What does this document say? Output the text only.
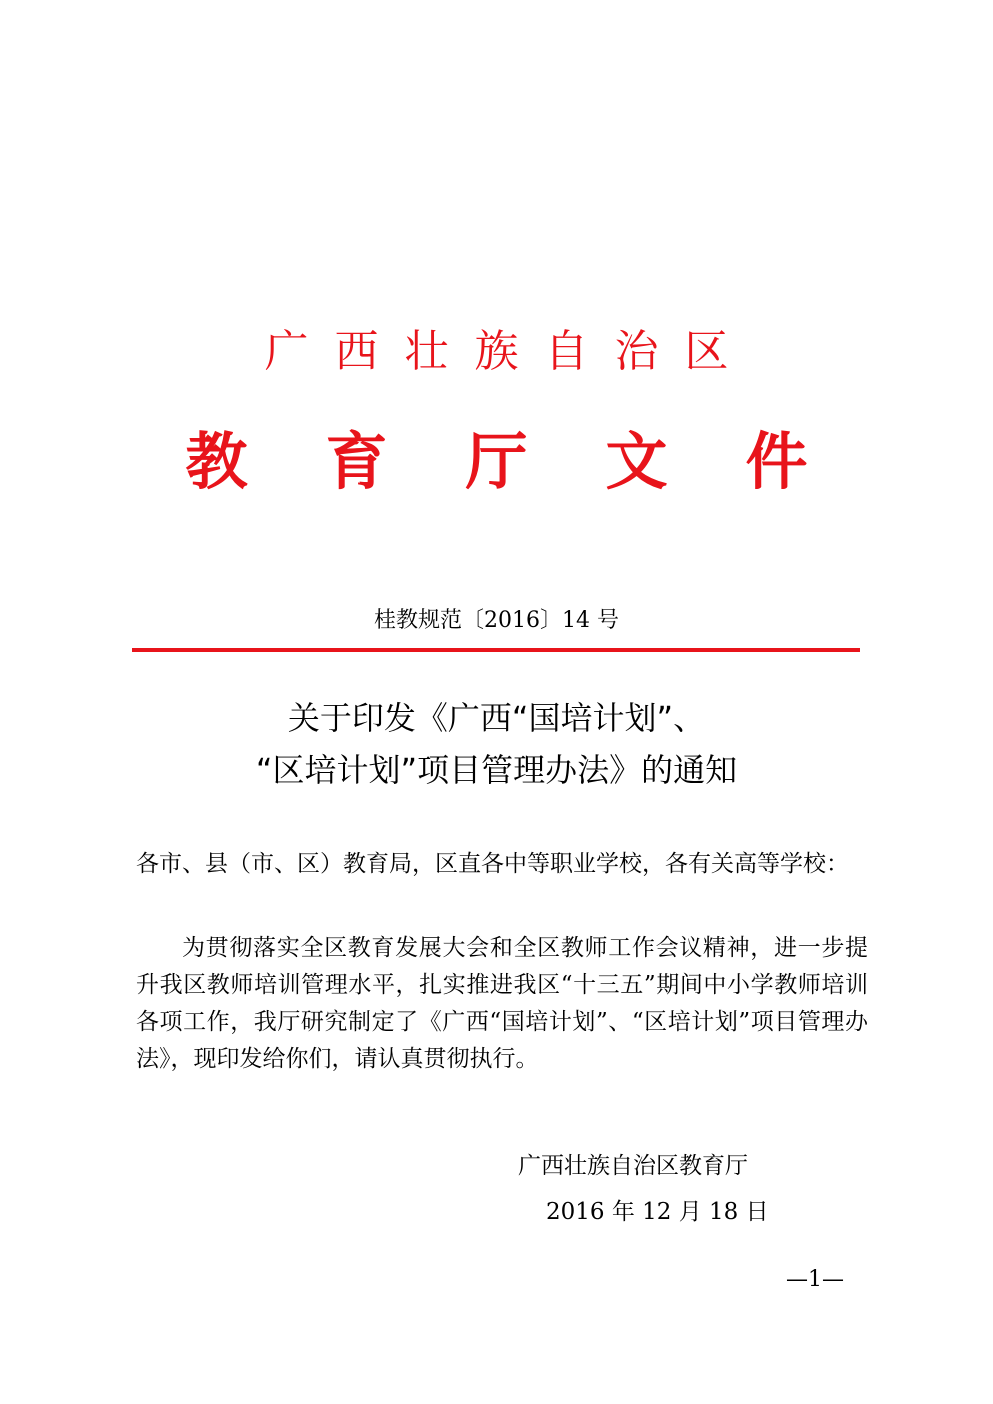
广西壮族自治区
教育厅文件
桂教规范〔2016〕14 号
关于印发《广西“国培计划”、
“区培计划”项目管理办法》的通知

各市、县（市、区）教育局，区直各中等职业学校，各有关高等学校：

为贯彻落实全区教育发展大会和全区教师工作会议精神，进一步提升我区教师培训管理水平，扎实推进我区“十三五”期间中小学教师培训各项工作，我厅研究制定了《广西“国培计划”、“区培计划”项目管理办法》，现印发给你们，请认真贯彻执行。

广西壮族自治区教育厅
2016 年 12 月 18 日
—1—
